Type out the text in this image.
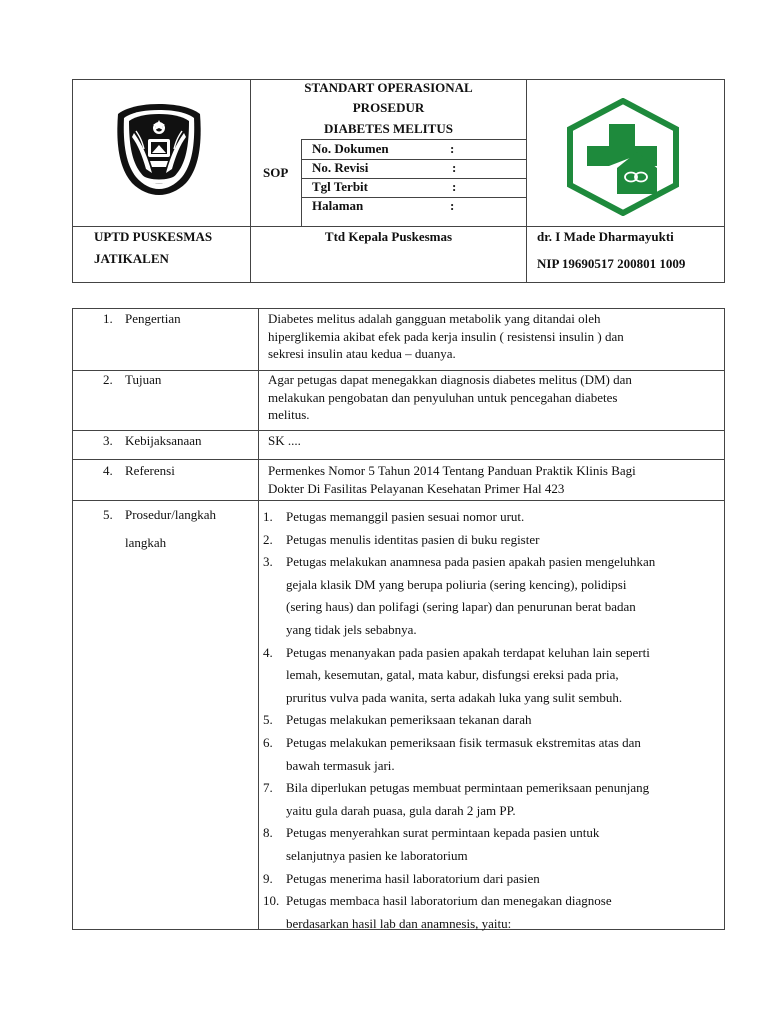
STANDART OPERASIONAL
PROSEDUR
DIABETES MELITUS
SOP
No. Dokumen	:
No. Revisi	:
Tgl Terbit	:
Halaman	:
UPTD PUSKESMAS
JATIKALEN
Ttd Kepala Puskesmas	dr. I Made Dharmayukti
NIP 19690517 200801 1009
1. Pengertian	Diabetes melitus adalah gangguan metabolik yang ditandai oleh
hiperglikemia akibat efek pada kerja insulin ( resistensi insulin ) dan
sekresi insulin atau kedua – duanya.
2. Tujuan	Agar petugas dapat menegakkan diagnosis diabetes melitus (DM) dan
melakukan pengobatan dan penyuluhan untuk pencegahan diabetes
melitus.
3. Kebijaksanaan	SK ....
4. Referensi	Permenkes Nomor 5 Tahun 2014 Tentang Panduan Praktik Klinis Bagi
Dokter Di Fasilitas Pelayanan Kesehatan Primer Hal 423
5. Prosedur/langkah
langkah
1.	Petugas memanggil pasien sesuai nomor urut.
2.	Petugas menulis identitas pasien di buku register
3.	Petugas melakukan anamnesa pada pasien apakah pasien mengeluhkan
gejala klasik DM yang berupa poliuria (sering kencing), polidipsi
(sering haus) dan polifagi (sering lapar) dan penurunan berat badan
yang tidak jels sebabnya.
4.	Petugas menanyakan pada pasien apakah terdapat keluhan lain seperti
lemah, kesemutan, gatal, mata kabur, disfungsi ereksi pada pria,
pruritus vulva pada wanita, serta adakah luka yang sulit sembuh.
5.	Petugas melakukan pemeriksaan tekanan darah
6.	Petugas melakukan pemeriksaan fisik termasuk ekstremitas atas dan
bawah termasuk jari.
7.	Bila diperlukan petugas membuat permintaan pemeriksaan penunjang
yaitu gula darah puasa, gula darah 2 jam PP.
8.	Petugas menyerahkan surat permintaan kepada pasien untuk
selanjutnya pasien ke laboratorium
9.	Petugas menerima hasil laboratorium dari pasien
10. Petugas membaca hasil laboratorium dan menegakan diagnose
berdasarkan hasil lab dan anamnesis, yaitu:
